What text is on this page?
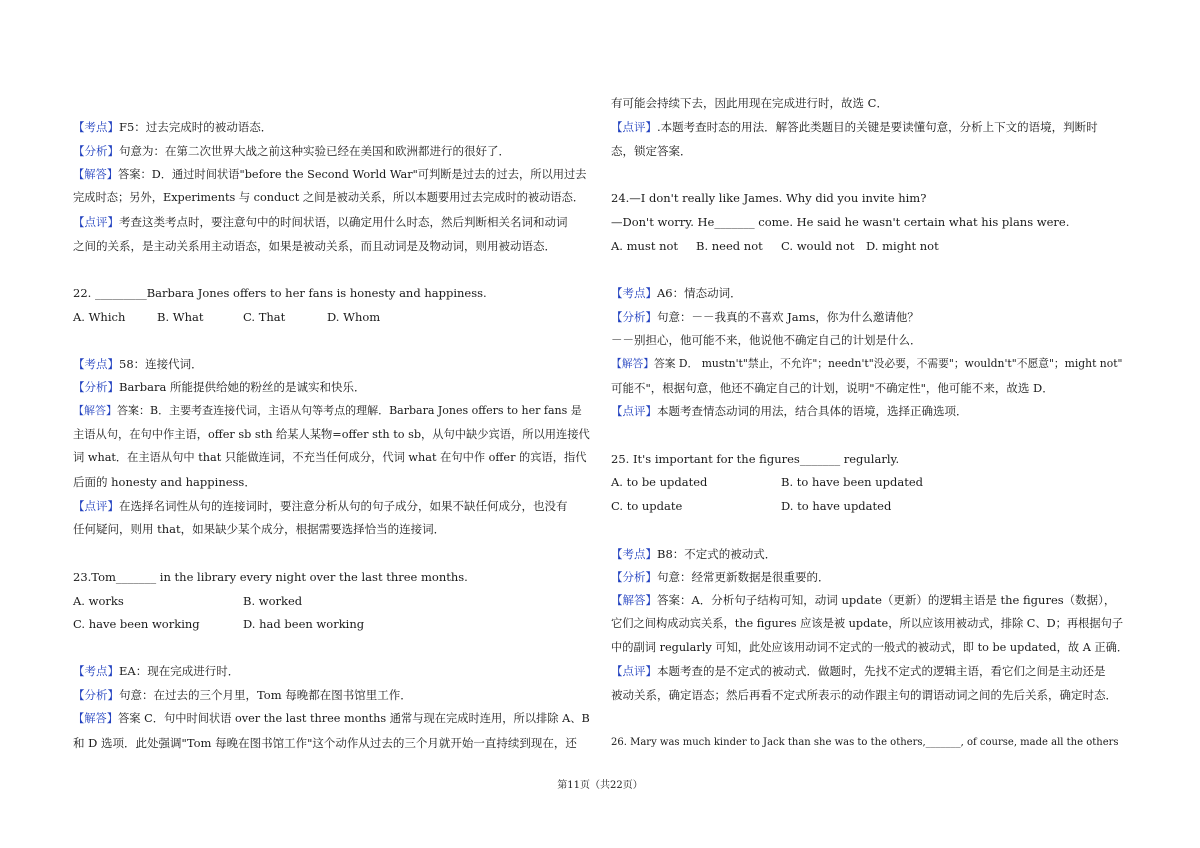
【考点】F5：过去完成时的被动语态．
【分析】句意为：在第二次世界大战之前这种实验已经在美国和欧洲都进行的很好了．
【解答】答案：D．通过时间状语"before the Second World War"可判断是过去的过去，所以用过去
完成时态；另外，Experiments 与 conduct 之间是被动关系，所以本题要用过去完成时的被动语态．
【点评】考查这类考点时，要注意句中的时间状语，以确定用什么时态，然后判断相关名词和动词
之间的关系，是主动关系用主动语态，如果是被动关系，而且动词是及物动词，则用被动语态．
22. _________Barbara Jones offers to her fans is honesty and happiness.
A. Which	B. What	C. That	D. Whom
【考点】58：连接代词．
【分析】Barbara 所能提供给她的粉丝的是诚实和快乐．
【解答】答案：B．主要考查连接代词，主语从句等考点的理解．Barbara Jones offers to her fans 是
主语从句，在句中作主语，offer sb sth 给某人某物=offer sth to sb，从句中缺少宾语，所以用连接代
词 what．在主语从句中 that 只能做连词，不充当任何成分，代词 what 在句中作 offer 的宾语，指代
后面的 honesty and happiness．
【点评】在选择名词性从句的连接词时，要注意分析从句的句子成分，如果不缺任何成分，也没有
任何疑问，则用 that，如果缺少某个成分，根据需要选择恰当的连接词．
23.Tom_______ in the library every night over the last three months.
A. works	B. worked
C. have been working	D. had been working
【考点】EA：现在完成进行时．
【分析】句意：在过去的三个月里，Tom 每晚都在图书馆里工作．
【解答】答案 C．句中时间状语 over the last three months 通常与现在完成时连用，所以排除 A、B
和 D 选项．此处强调"Tom 每晚在图书馆工作"这个动作从过去的三个月就开始一直持续到现在，还
有可能会持续下去，因此用现在完成进行时，故选 C．
【点评】.本题考查时态的用法．解答此类题目的关键是要读懂句意，分析上下文的语境，判断时
态，锁定答案．
24.—I don't really like James. Why did you invite him?
—Don't worry. He_______ come. He said he wasn't certain what his plans were.
A. must not B. need not C. would not D. might not
【考点】A6：情态动词．
【分析】句意：－－我真的不喜欢 Jams，你为什么邀请他？
－－别担心，他可能不来，他说他不确定自己的计划是什么．
【解答】答案 D． mustn't"禁止，不允许"；needn't"没必要，不需要"；wouldn't"不愿意"；might not"
可能不"，根据句意，他还不确定自己的计划，说明"不确定性"，他可能不来，故选 D．
【点评】本题考查情态动词的用法，结合具体的语境，选择正确选项．
25. It's important for the figures_______ regularly.
A. to be updated	B. to have been updated
C. to update	D. to have updated
【考点】B8：不定式的被动式．
【分析】句意：经常更新数据是很重要的．
【解答】答案：A．分析句子结构可知，动词 update（更新）的逻辑主语是 the figures（数据），
它们之间构成动宾关系，the figures 应该是被 update，所以应该用被动式，排除 C、D；再根据句子
中的副词 regularly 可知，此处应该用动词不定式的一般式的被动式，即 to be updated，故 A 正确．
【点评】本题考查的是不定式的被动式．做题时，先找不定式的逻辑主语，看它们之间是主动还是
被动关系，确定语态；然后再看不定式所表示的动作跟主句的谓语动词之间的先后关系，确定时态．
26. Mary was much kinder to Jack than she was to the others,_______, of course, made all the others
第11页（共22页）
